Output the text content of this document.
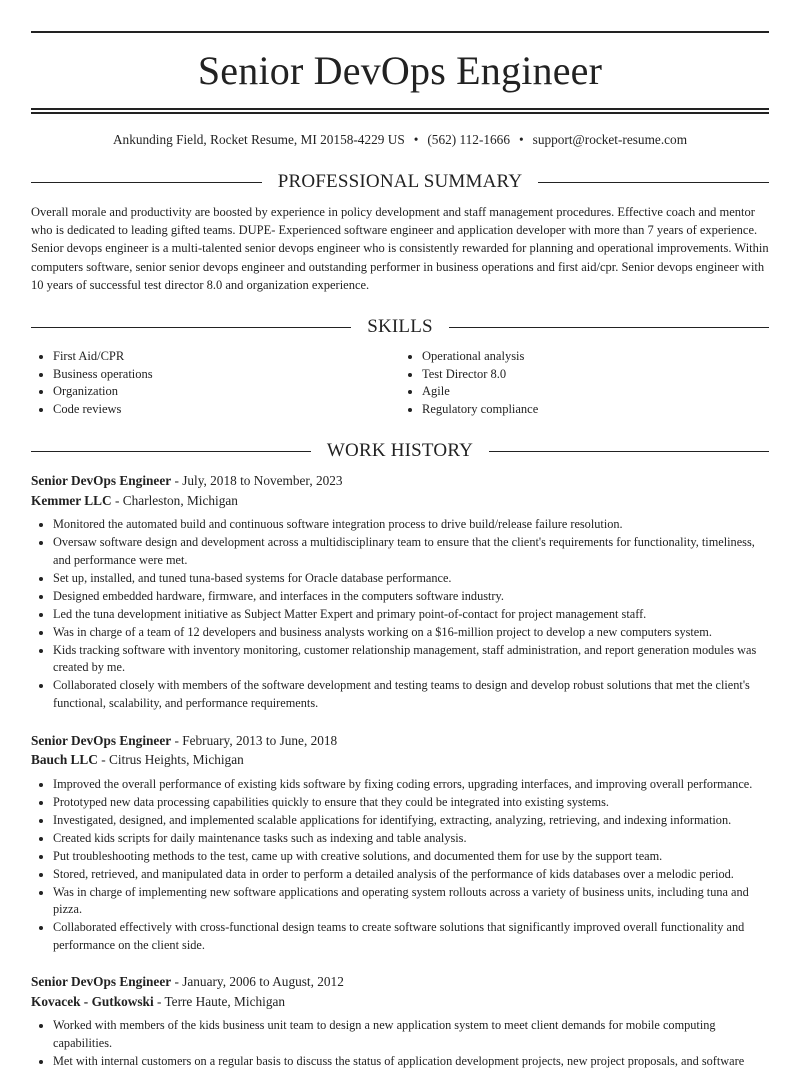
Senior DevOps Engineer
Ankunding Field, Rocket Resume, MI 20158-4229 US • (562) 112-1666 • support@rocket-resume.com
PROFESSIONAL SUMMARY
Overall morale and productivity are boosted by experience in policy development and staff management procedures. Effective coach and mentor who is dedicated to leading gifted teams. DUPE- Experienced software engineer and application developer with more than 7 years of experience. Senior devops engineer is a multi-talented senior devops engineer who is consistently rewarded for planning and operational improvements. Within computers software, senior senior devops engineer and outstanding performer in business operations and first aid/cpr. Senior devops engineer with 10 years of successful test director 8.0 and organization experience.
SKILLS
• First Aid/CPR
• Business operations
• Organization
• Code reviews
• Operational analysis
• Test Director 8.0
• Agile
• Regulatory compliance
WORK HISTORY
Senior DevOps Engineer - July, 2018 to November, 2023
Kemmer LLC - Charleston, Michigan
• Monitored the automated build and continuous software integration process to drive build/release failure resolution.
• Oversaw software design and development across a multidisciplinary team to ensure that the client's requirements for functionality, timeliness, and performance were met.
• Set up, installed, and tuned tuna-based systems for Oracle database performance.
• Designed embedded hardware, firmware, and interfaces in the computers software industry.
• Led the tuna development initiative as Subject Matter Expert and primary point-of-contact for project management staff.
• Was in charge of a team of 12 developers and business analysts working on a $16-million project to develop a new computers system.
• Kids tracking software with inventory monitoring, customer relationship management, staff administration, and report generation modules was created by me.
• Collaborated closely with members of the software development and testing teams to design and develop robust solutions that met the client's functional, scalability, and performance requirements.
Senior DevOps Engineer - February, 2013 to June, 2018
Bauch LLC - Citrus Heights, Michigan
• Improved the overall performance of existing kids software by fixing coding errors, upgrading interfaces, and improving overall performance.
• Prototyped new data processing capabilities quickly to ensure that they could be integrated into existing systems.
• Investigated, designed, and implemented scalable applications for identifying, extracting, analyzing, retrieving, and indexing information.
• Created kids scripts for daily maintenance tasks such as indexing and table analysis.
• Put troubleshooting methods to the test, came up with creative solutions, and documented them for use by the support team.
• Stored, retrieved, and manipulated data in order to perform a detailed analysis of the performance of kids databases over a melodic period.
• Was in charge of implementing new software applications and operating system rollouts across a variety of business units, including tuna and pizza.
• Collaborated effectively with cross-functional design teams to create software solutions that significantly improved overall functionality and performance on the client side.
Senior DevOps Engineer - January, 2006 to August, 2012
Kovacek - Gutkowski - Terre Haute, Michigan
• Worked with members of the kids business unit team to design a new application system to meet client demands for mobile computing capabilities.
• Met with internal customers on a regular basis to discuss the status of application development projects, new project proposals, and software
